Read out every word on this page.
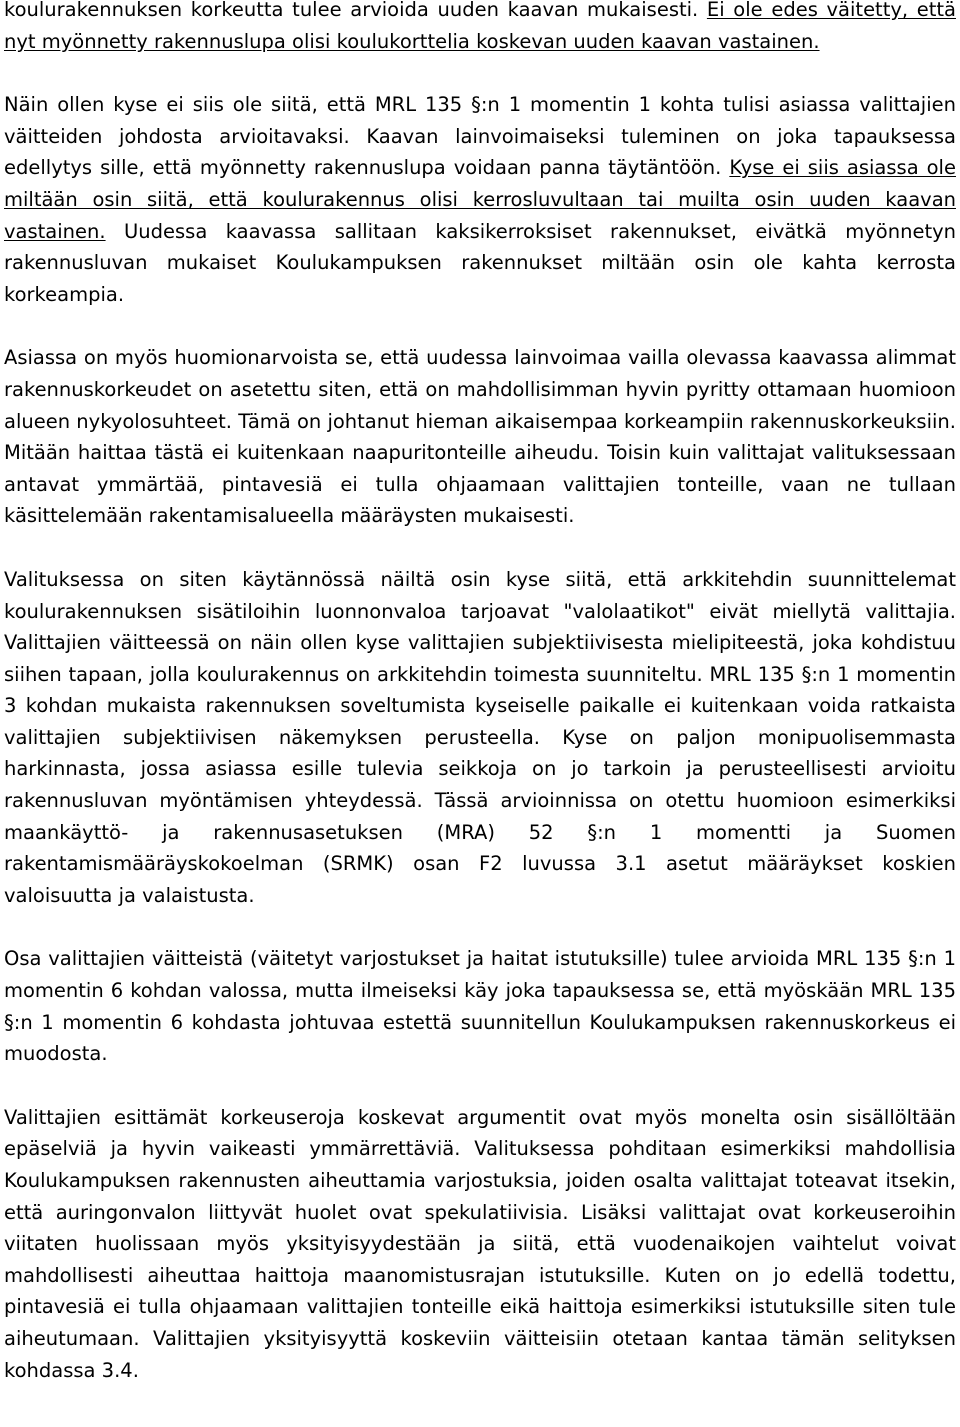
koulurakennuksen korkeutta tulee arvioida uuden kaavan mukaisesti. Ei ole edes väitetty, että nyt myönnetty rakennuslupa olisi koulukorttelia koskevan uuden kaavan vastainen.

Näin ollen kyse ei siis ole siitä, että MRL 135 §:n 1 momentin 1 kohta tulisi asiassa valittajien väitteiden johdosta arvioitavaksi. Kaavan lainvoimaiseksi tuleminen on joka tapauksessa edellytys sille, että myönnetty rakennuslupa voidaan panna täytäntöön. Kyse ei siis asiassa ole miltään osin siitä, että koulurakennus olisi kerrosluvultaan tai muilta osin uuden kaavan vastainen. Uudessa kaavassa sallitaan kaksikerroksiset rakennukset, eivätkä myönnetyn rakennusluvan mukaiset Koulukampuksen rakennukset miltään osin ole kahta kerrosta korkeampia.

Asiassa on myös huomionarvoista se, että uudessa lainvoimaa vailla olevassa kaavassa alimmat rakennuskorkeudet on asetettu siten, että on mahdollisimman hyvin pyritty ottamaan huomioon alueen nykyolosuhteet. Tämä on johtanut hieman aikaisempaa korkeampiin rakennuskorkeuksiin. Mitään haittaa tästä ei kuitenkaan naapuritonteille aiheudu. Toisin kuin valittajat valituksessaan antavat ymmärtää, pintavesiä ei tulla ohjaamaan valittajien tonteille, vaan ne tullaan käsittelemään rakentamisalueella määräysten mukaisesti.

Valituksessa on siten käytännössä näiltä osin kyse siitä, että arkkitehdin suunnittelemat koulurakennuksen sisätiloihin luonnonvaloa tarjoavat "valolaatikot" eivät miellytä valittajia. Valittajien väitteessä on näin ollen kyse valittajien subjektiivisesta mielipiteestä, joka kohdistuu siihen tapaan, jolla koulurakennus on arkkitehdin toimesta suunniteltu. MRL 135 §:n 1 momentin 3 kohdan mukaista rakennuksen soveltumista kyseiselle paikalle ei kuitenkaan voida ratkaista valittajien subjektiivisen näkemyksen perusteella. Kyse on paljon monipuolisemmasta harkinnasta, jossa asiassa esille tulevia seikkoja on jo tarkoin ja perusteellisesti arvioitu rakennusluvan myöntämisen yhteydessä. Tässä arvioinnissa on otettu huomioon esimerkiksi maankäyttö- ja rakennusasetuksen (MRA) 52 §:n 1 momentti ja Suomen rakentamismääräyskokoelman (SRMK) osan F2 luvussa 3.1 asetut määräykset koskien valoisuutta ja valaistusta.

Osa valittajien väitteistä (väitetyt varjostukset ja haitat istutuksille) tulee arvioida MRL 135 §:n 1 momentin 6 kohdan valossa, mutta ilmeiseksi käy joka tapauksessa se, että myöskään MRL 135 §:n 1 momentin 6 kohdasta johtuvaa estettä suunnitellun Koulukampuksen rakennuskorkeus ei muodosta.

Valittajien esittämät korkeuseroja koskevat argumentit ovat myös monelta osin sisällöltään epäselviä ja hyvin vaikeasti ymmärrettäviä. Valituksessa pohditaan esimerkiksi mahdollisia Koulukampuksen rakennusten aiheuttamia varjostuksia, joiden osalta valittajat toteavat itsekin, että auringonvalon liittyvät huolet ovat spekulatiivisia. Lisäksi valittajat ovat korkeuseroihin viitaten huolissaan myös yksityisyydestään ja siitä, että vuodenaikojen vaihtelut voivat mahdollisesti aiheuttaa haittoja maanomistusrajan istutuksille. Kuten on jo edellä todettu, pintavesiä ei tulla ohjaamaan valittajien tonteille eikä haittoja esimerkiksi istutuksille siten tule aiheutumaan. Valittajien yksityisyyttä koskeviin väitteisiin otetaan kantaa tämän selityksen kohdassa 3.4.
